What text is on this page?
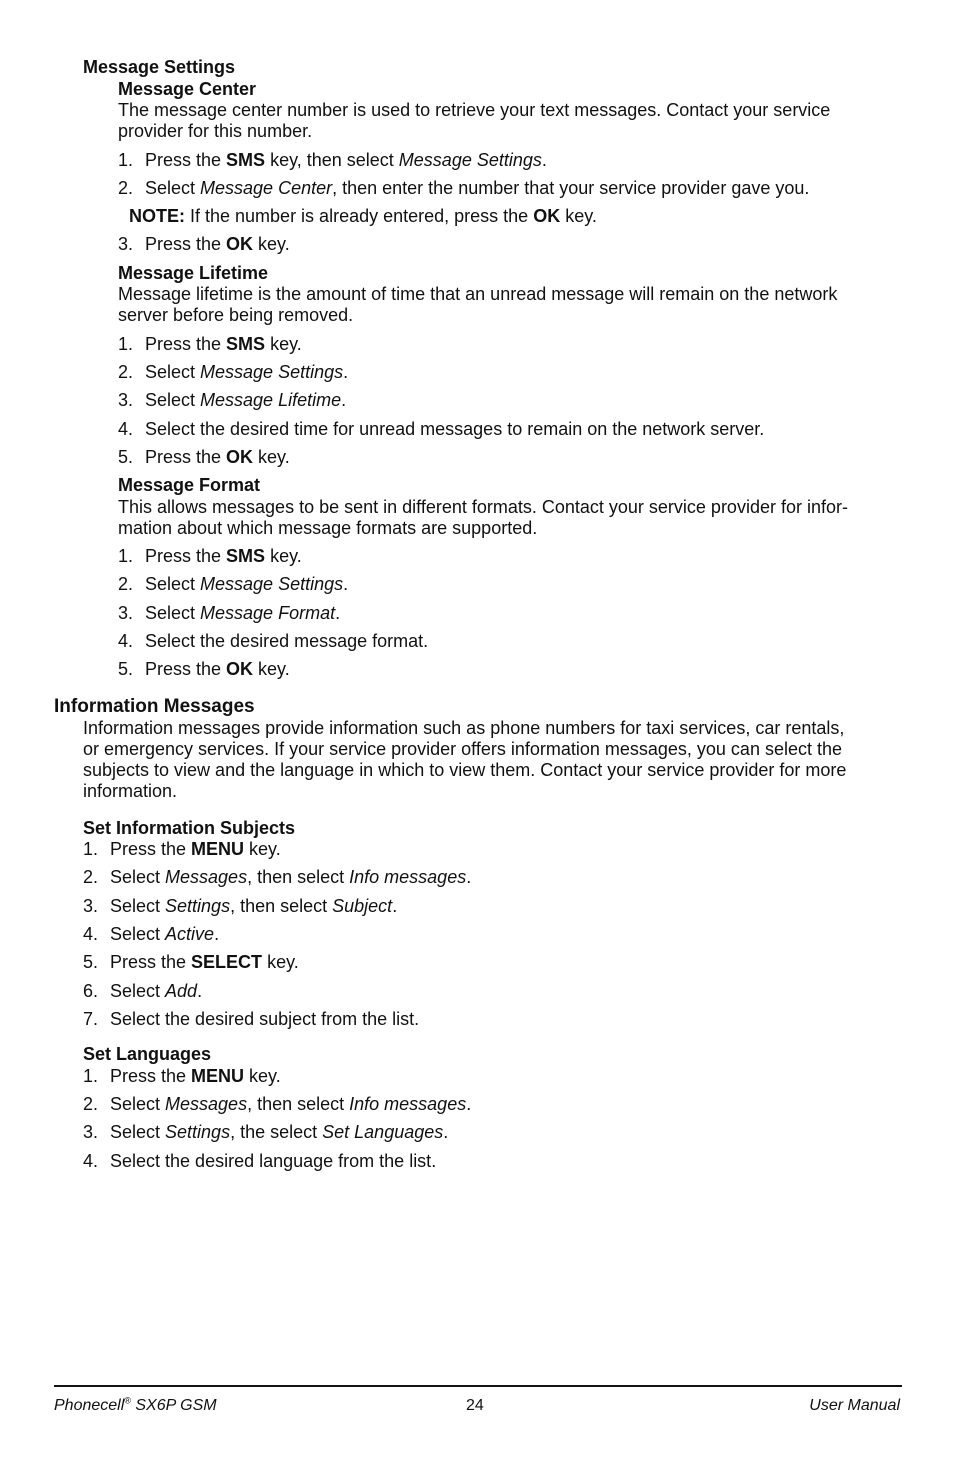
Message Settings
Message Center
The message center number is used to retrieve your text messages. Contact your service
provider for this number.
1. Press the SMS key, then select Message Settings.
2. Select Message Center, then enter the number that your service provider gave you.
NOTE: If the number is already entered, press the OK key.
3. Press the OK key.
Message Lifetime
Message lifetime is the amount of time that an unread message will remain on the network
server before being removed.
1. Press the SMS key.
2. Select Message Settings.
3. Select Message Lifetime.
4. Select the desired time for unread messages to remain on the network server.
5. Press the OK key.
Message Format
This allows messages to be sent in different formats. Contact your service provider for infor-
mation about which message formats are supported.
1. Press the SMS key.
2. Select Message Settings.
3. Select Message Format.
4. Select the desired message format.
5. Press the OK key.
Information Messages
Information messages provide information such as phone numbers for taxi services, car rentals,
or emergency services. If your service provider offers information messages, you can select the
subjects to view and the language in which to view them. Contact your service provider for more
information.
Set Information Subjects
1. Press the MENU key.
2. Select Messages, then select Info messages.
3. Select Settings, then select Subject.
4. Select Active.
5. Press the SELECT key.
6. Select Add.
7. Select the desired subject from the list.
Set Languages
1. Press the MENU key.
2. Select Messages, then select Info messages.
3. Select Settings, the select Set Languages.
4. Select the desired language from the list.
Phonecell® SX6P GSM	24	User Manual
